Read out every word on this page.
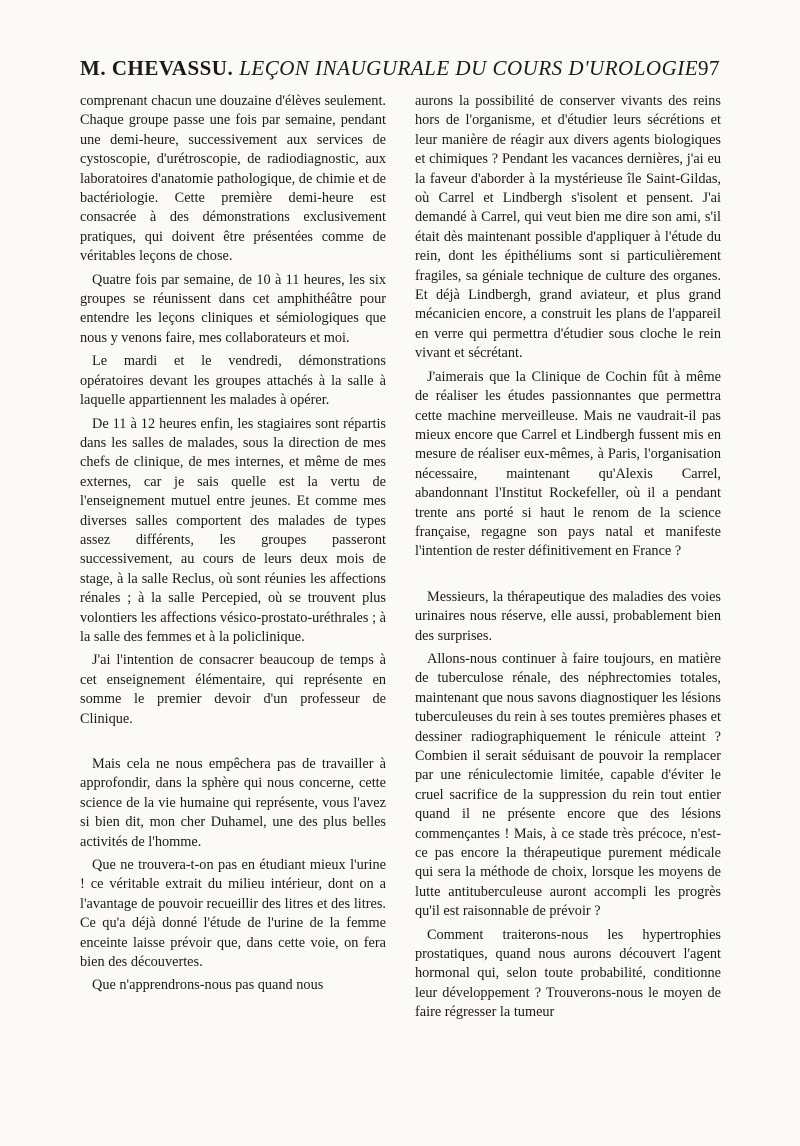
M. CHEVASSU. LEÇON INAUGURALE DU COURS D'UROLOGIE 97

comprenant chacun une douzaine d'élèves seulement. Chaque groupe passe une fois par semaine, pendant une demi-heure, successivement aux services de cystoscopie, d'urétroscopie, de radiodiagnostic, aux laboratoires d'anatomie pathologique, de chimie et de bactériologie. Cette première demi-heure est consacrée à des démonstrations exclusivement pratiques, qui doivent être présentées comme de véritables leçons de chose.

Quatre fois par semaine, de 10 à 11 heures, les six groupes se réunissent dans cet amphithéâtre pour entendre les leçons cliniques et sémiologiques que nous y venons faire, mes collaborateurs et moi.

Le mardi et le vendredi, démonstrations opératoires devant les groupes attachés à la salle à laquelle appartiennent les malades à opérer.

De 11 à 12 heures enfin, les stagiaires sont répartis dans les salles de malades, sous la direction de mes chefs de clinique, de mes internes, et même de mes externes, car je sais quelle est la vertu de l'enseignement mutuel entre jeunes. Et comme mes diverses salles comportent des malades de types assez différents, les groupes passeront successivement, au cours de leurs deux mois de stage, à la salle Reclus, où sont réunies les affections rénales ; à la salle Percepied, où se trouvent plus volontiers les affections vésico-prostato-uréthrales ; à la salle des femmes et à la policlinique.

J'ai l'intention de consacrer beaucoup de temps à cet enseignement élémentaire, qui représente en somme le premier devoir d'un professeur de Clinique.

Mais cela ne nous empêchera pas de travailler à approfondir, dans la sphère qui nous concerne, cette science de la vie humaine qui représente, vous l'avez si bien dit, mon cher Duhamel, une des plus belles activités de l'homme.

Que ne trouvera-t-on pas en étudiant mieux l'urine ! ce véritable extrait du milieu intérieur, dont on a l'avantage de pouvoir recueillir des litres et des litres. Ce qu'a déjà donné l'étude de l'urine de la femme enceinte laisse prévoir que, dans cette voie, on fera bien des découvertes.

Que n'apprendrons-nous pas quand nous

aurons la possibilité de conserver vivants des reins hors de l'organisme, et d'étudier leurs sécrétions et leur manière de réagir aux divers agents biologiques et chimiques ? Pendant les vacances dernières, j'ai eu la faveur d'aborder à la mystérieuse île Saint-Gildas, où Carrel et Lindbergh s'isolent et pensent. J'ai demandé à Carrel, qui veut bien me dire son ami, s'il était dès maintenant possible d'appliquer à l'étude du rein, dont les épithéliums sont si particulièrement fragiles, sa géniale technique de culture des organes. Et déjà Lindbergh, grand aviateur, et plus grand mécanicien encore, a construit les plans de l'appareil en verre qui permettra d'étudier sous cloche le rein vivant et sécrétant.

J'aimerais que la Clinique de Cochin fût à même de réaliser les études passionnantes que permettra cette machine merveilleuse. Mais ne vaudrait-il pas mieux encore que Carrel et Lindbergh fussent mis en mesure de réaliser eux-mêmes, à Paris, l'organisation nécessaire, maintenant qu'Alexis Carrel, abandonnant l'Institut Rockefeller, où il a pendant trente ans porté si haut le renom de la science française, regagne son pays natal et manifeste l'intention de rester définitivement en France ?

Messieurs, la thérapeutique des maladies des voies urinaires nous réserve, elle aussi, probablement bien des surprises.

Allons-nous continuer à faire toujours, en matière de tuberculose rénale, des néphrectomies totales, maintenant que nous savons diagnostiquer les lésions tuberculeuses du rein à ses toutes premières phases et dessiner radiographiquement le rénicule atteint ? Combien il serait séduisant de pouvoir la remplacer par une réniculectomie limitée, capable d'éviter le cruel sacrifice de la suppression du rein tout entier quand il ne présente encore que des lésions commençantes ! Mais, à ce stade très précoce, n'est-ce pas encore la thérapeutique purement médicale qui sera la méthode de choix, lorsque les moyens de lutte antituberculeuse auront accompli les progrès qu'il est raisonnable de prévoir ?

Comment traiterons-nous les hypertrophies prostatiques, quand nous aurons découvert l'agent hormonal qui, selon toute probabilité, conditionne leur développement ? Trouverons-nous le moyen de faire régresser la tumeur
